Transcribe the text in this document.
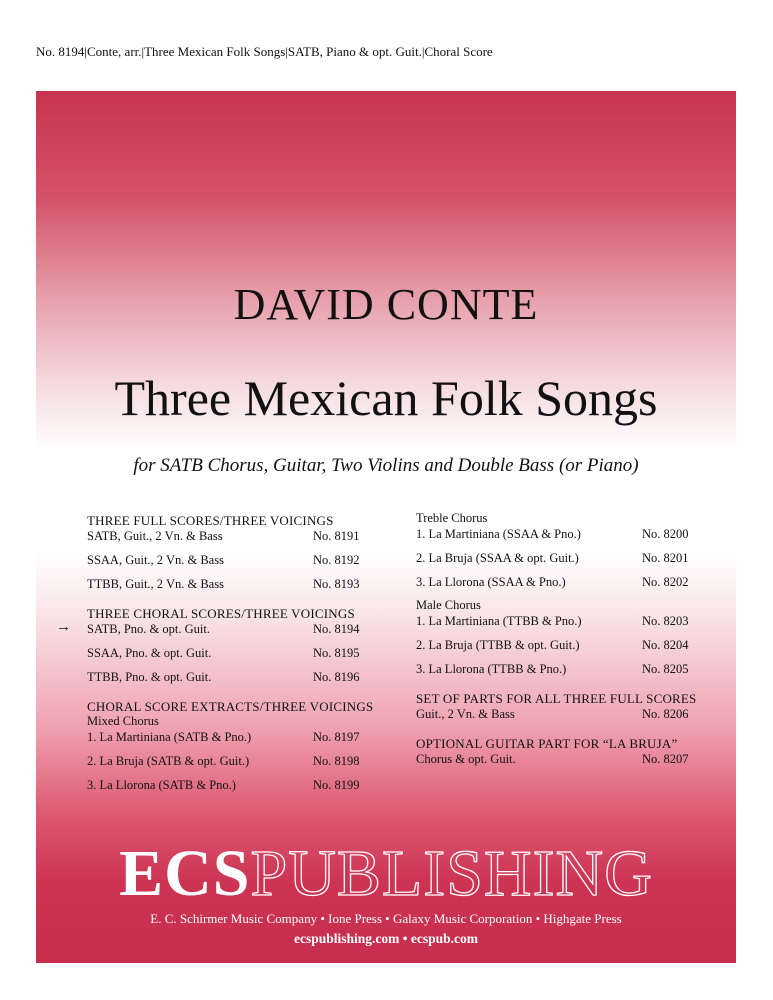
No. 8194|Conte, arr.|Three Mexican Folk Songs|SATB, Piano & opt. Guit.|Choral Score
DAVID CONTE
Three Mexican Folk Songs
for SATB Chorus, Guitar, Two Violins and Double Bass (or Piano)
THREE FULL SCORES/THREE VOICINGS
SATB, Guit., 2 Vn. & Bass	No. 8191
SSAA, Guit., 2 Vn. & Bass	No. 8192
TTBB, Guit., 2 Vn. & Bass	No. 8193
THREE CHORAL SCORES/THREE VOICINGS
→ SATB, Pno. & opt. Guit.	No. 8194
SSAA, Pno. & opt. Guit.	No. 8195
TTBB, Pno. & opt. Guit.	No. 8196
CHORAL SCORE EXTRACTS/THREE VOICINGS
Mixed Chorus
1. La Martiniana (SATB & Pno.)	No. 8197
2. La Bruja (SATB & opt. Guit.)	No. 8198
3. La Llorona (SATB & Pno.)	No. 8199
Treble Chorus
1. La Martiniana (SSAA & Pno.)	No. 8200
2. La Bruja (SSAA & opt. Guit.)	No. 8201
3. La Llorona (SSAA & Pno.)	No. 8202
Male Chorus
1. La Martiniana (TTBB & Pno.)	No. 8203
2. La Bruja (TTBB & opt. Guit.)	No. 8204
3. La Llorona (TTBB & Pno.)	No. 8205
SET OF PARTS FOR ALL THREE FULL SCORES
Guit., 2 Vn. & Bass	No. 8206
OPTIONAL GUITAR PART FOR “LA BRUJA”
Chorus & opt. Guit.	No. 8207
ECSPUBLISHING
E. C. Schirmer Music Company • Ione Press • Galaxy Music Corporation • Highgate Press
ecspublishing.com • ecspub.com
